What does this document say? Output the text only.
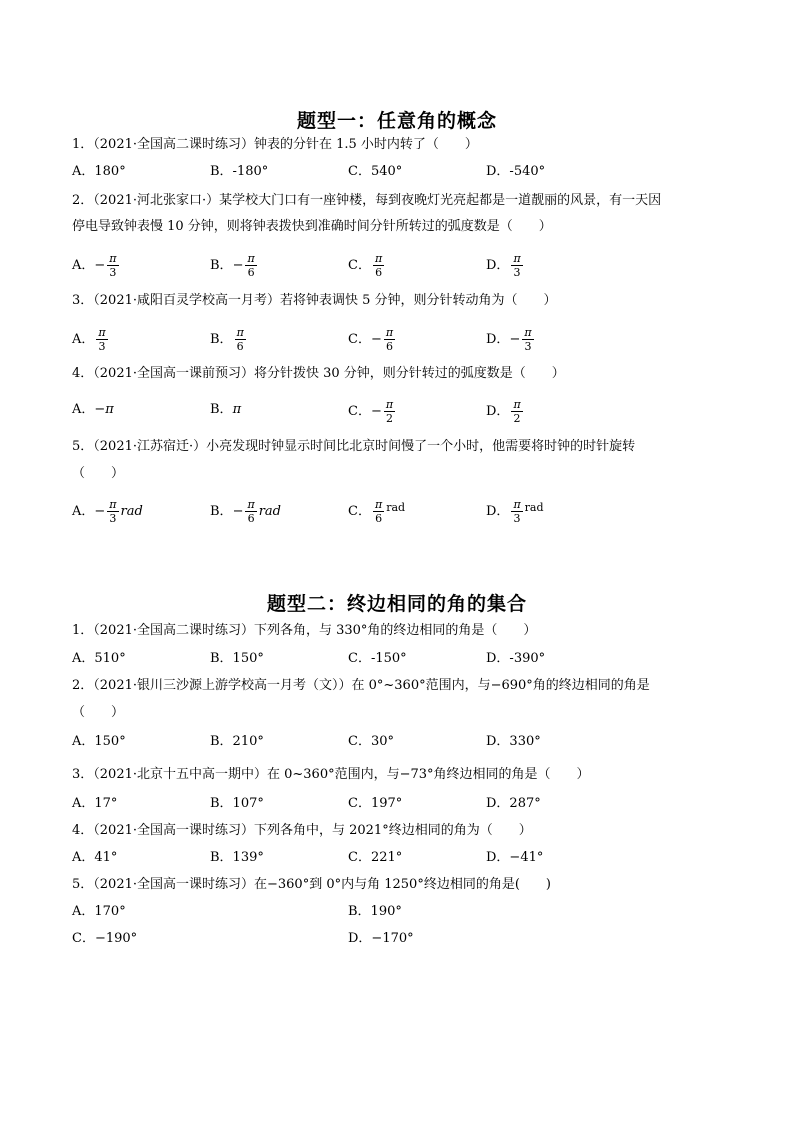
题型一：任意角的概念
1．（2021·全国高二课时练习）钟表的分针在 1.5 小时内转了（　　）
A．180°	B．-180°	C．540°	D．-540°
2．（2021·河北张家口·）某学校大门口有一座钟楼，每到夜晚灯光亮起都是一道靓丽的风景，有一天因
停电导致钟表慢 10 分钟，则将钟表拨快到准确时间分针所转过的弧度数是（　　）
A．− $\frac{\pi}{3}$	B．− $\frac{\pi}{6}$	C． $\frac{\pi}{6}$	D． $\frac{\pi}{3}$
3．（2021·咸阳百灵学校高一月考）若将钟表调快 5 分钟，则分针转动角为（　　）
A． $\frac{\pi}{3}$	B． $\frac{\pi}{6}$	C．− $\frac{\pi}{6}$	D．− $\frac{\pi}{3}$
4．（2021·全国高一课前预习）将分针拨快 30 分钟，则分针转过的弧度数是（　　）
A．−π	B．π	C．− $\frac{\pi}{2}$	D． $\frac{\pi}{2}$
5．（2021·江苏宿迁·）小亮发现时钟显示时间比北京时间慢了一个小时，他需要将时钟的时针旋转
（　　）
A．− $\frac{\pi}{3}$ rad	B．− $\frac{\pi}{6}$ rad	C． $\frac{\pi}{6} ^{rad}$	D． $\frac{\pi}{3} ^{rad}$
题型二：终边相同的角的集合
1．（2021·全国高二课时练习）下列各角，与 330°角的终边相同的角是（　　）
A．510°	B．150°	C．-150°	D．-390°
2．（2021·银川三沙源上游学校高一月考（文））在 0°~360°范围内，与−690°角的终边相同的角是
（　　）
A．150°	B．210°	C．30°	D．330°
3．（2021·北京十五中高一期中）在 0~360°范围内，与−73°角终边相同的角是（　　）
A．17°	B．107°	C．197°	D．287°
4．（2021·全国高一课时练习）下列各角中，与 2021°终边相同的角为（　　）
A．41°	B．139°	C．221°	D．−41°
5．（2021·全国高一课时练习）在−360°到 0°内与角 1250°终边相同的角是(　　)
A．170°	B．190°
C．−190°	D．−170°
